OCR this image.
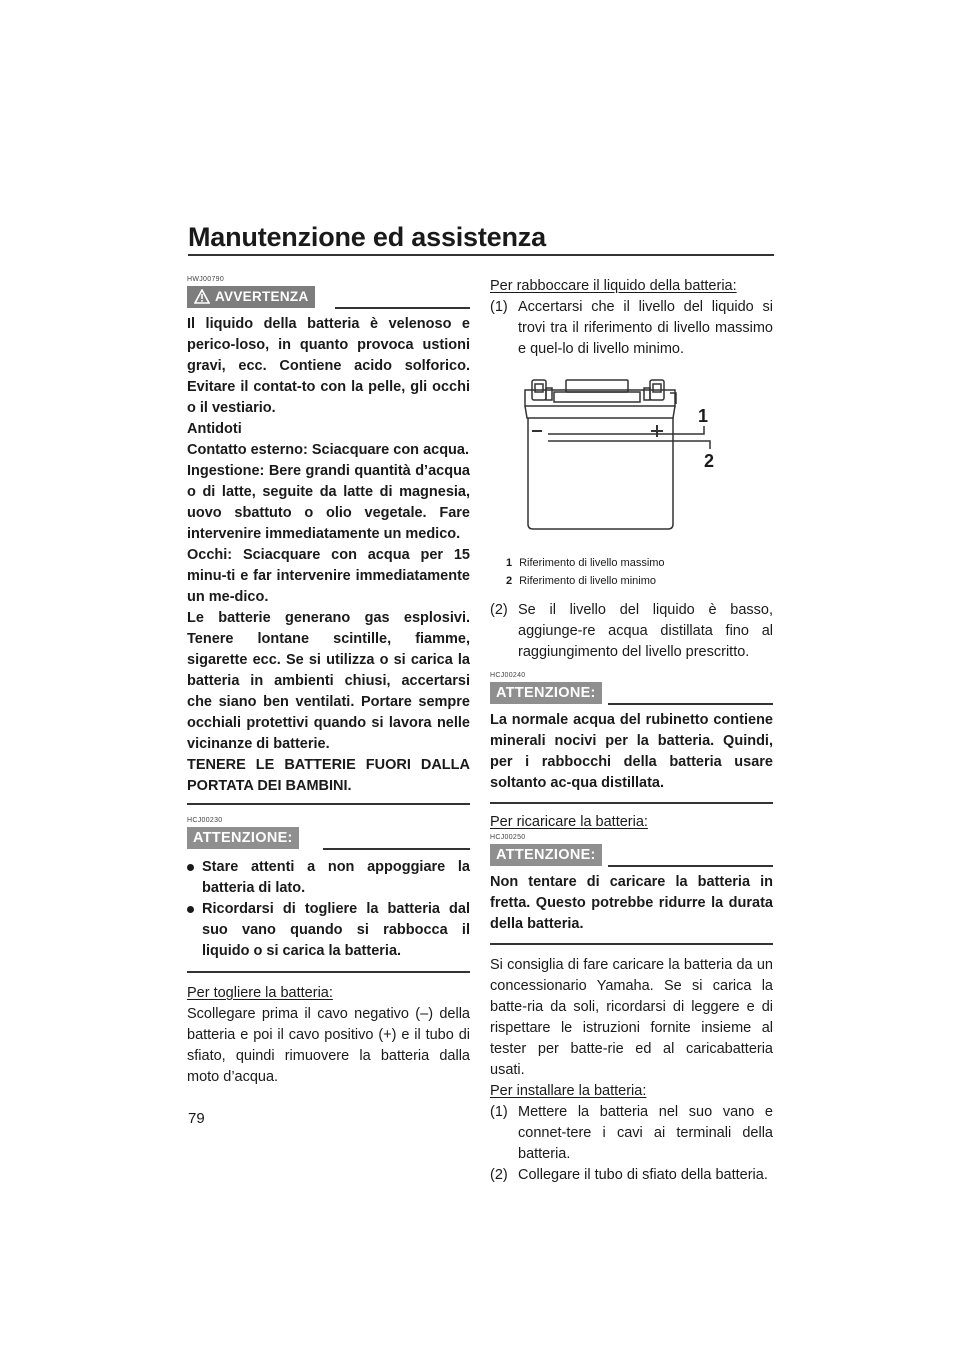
Manutenzione ed assistenza
HWJ00790
AVVERTENZA

Il liquido della batteria è velenoso e perico-loso, in quanto provoca ustioni gravi, ecc. Contiene acido solforico. Evitare il contat-to con la pelle, gli occhi o il vestiario.

Antidoti

Contatto esterno: Sciacquare con acqua.

Ingestione: Bere grandi quantità d’acqua o di latte, seguite da latte di magnesia, uovo sbattuto o olio vegetale. Fare intervenire immediatamente un medico.

Occhi: Sciacquare con acqua per 15 minu-ti e far intervenire immediatamente un me-dico.

Le batterie generano gas esplosivi. Tenere lontane scintille, fiamme, sigarette ecc. Se si utilizza o si carica la batteria in ambienti chiusi, accertarsi che siano ben ventilati. Portare sempre occhiali protettivi quando si lavora nelle vicinanze di batterie.

TENERE LE BATTERIE FUORI DALLA PORTATA DEI BAMBINI.

HCJ00230
ATTENZIONE:
Stare attenti a non appoggiare la batteria di lato.
Ricordarsi di togliere la batteria dal suo vano quando si rabbocca il liquido o si carica la batteria.

Per togliere la batteria:

Scollegare prima il cavo negativo (–) della batteria e poi il cavo positivo (+) e il tubo di sfiato, quindi rimuovere la batteria dalla moto d’acqua.

Per rabboccare il liquido della batteria:

(1) Accertarsi che il livello del liquido si trovi tra il riferimento di livello massimo e quel-lo di livello minimo.
1
2
1 Riferimento di livello massimo
2 Riferimento di livello minimo
(2) Se il livello del liquido è basso, aggiunge-re acqua distillata fino al raggiungimento del livello prescritto.
HCJ00240
ATTENZIONE:

La normale acqua del rubinetto contiene minerali nocivi per la batteria. Quindi, per i rabbocchi della batteria usare soltanto ac-qua distillata.

Per ricaricare la batteria:

HCJ00250
ATTENZIONE:

Non tentare di caricare la batteria in fretta. Questo potrebbe ridurre la durata della batteria.

Si consiglia di fare caricare la batteria da un concessionario Yamaha. Se si carica la batte-ria da soli, ricordarsi di leggere e di rispettare le istruzioni fornite insieme al tester per batte-rie ed al caricabatteria usati.

Per installare la batteria:

(1) Mettere la batteria nel suo vano e connet-tere i cavi ai terminali della batteria.
(2) Collegare il tubo di sfiato della batteria.
79
